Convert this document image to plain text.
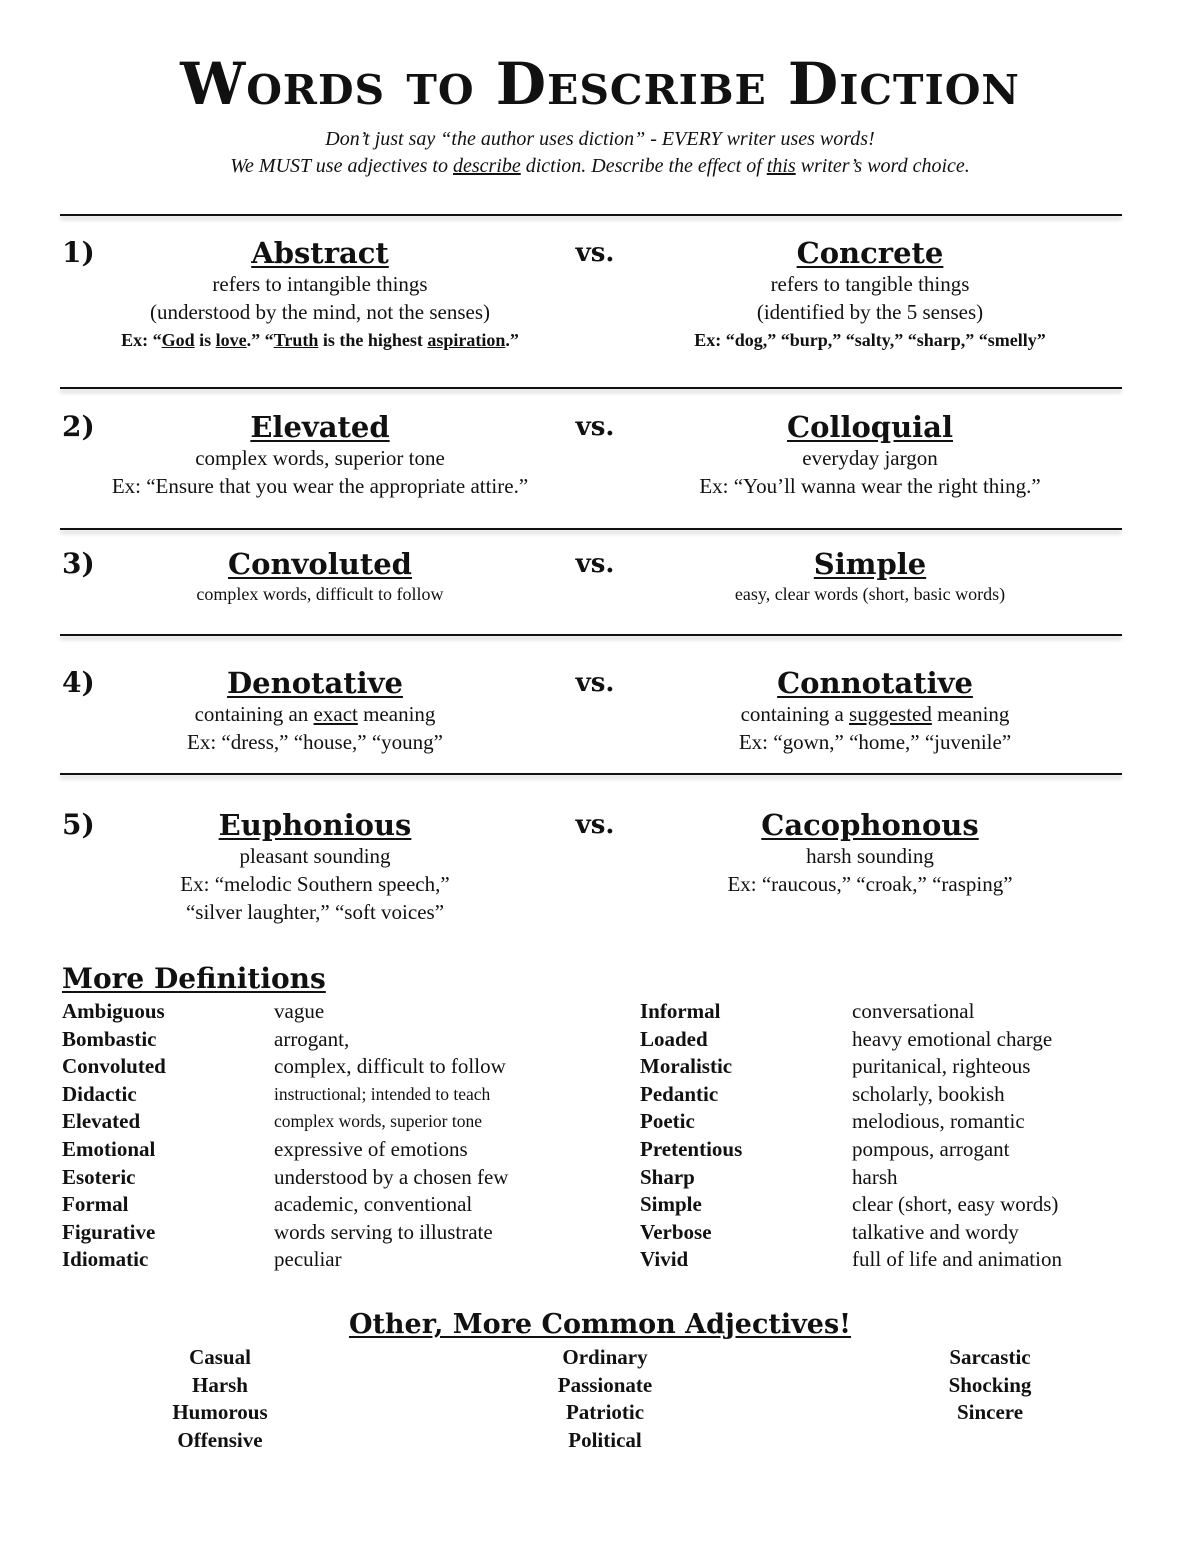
Words to Describe Diction
Don’t just say “the author uses diction” - EVERY writer uses words!
We MUST use adjectives to describe diction. Describe the effect of this writer’s word choice.
1)	vs.
Abstract
refers to intangible things
(understood by the mind, not the senses)
Ex: “God is love.” “Truth is the highest aspiration.”
Concrete
refers to tangible things
(identified by the 5 senses)
Ex: “dog,” “burp,” “salty,” “sharp,” “smelly”
2)	vs.
Elevated
complex words, superior tone
Ex: “Ensure that you wear the appropriate attire.”
Colloquial
everyday jargon
Ex: “You’ll wanna wear the right thing.”
3)	vs.
Convoluted
complex words, difficult to follow
Simple
easy, clear words (short, basic words)
4)	vs.
Denotative
containing an exact meaning
Ex: “dress,” “house,” “young”
Connotative
containing a suggested meaning
Ex: “gown,” “home,” “juvenile”
5)	vs.
Euphonious
pleasant sounding
Ex: “melodic Southern speech,”
“silver laughter,” “soft voices”
Cacophonous
harsh sounding
Ex: “raucous,” “croak,” “rasping”
More Definitions
Ambiguous	vague
Bombastic	arrogant,
Convoluted	complex, difficult to follow
Didactic	instructional; intended to teach
Elevated	complex words, superior tone
Emotional	expressive of emotions
Esoteric	understood by a chosen few
Formal	academic, conventional
Figurative	words serving to illustrate
Idiomatic	peculiar
Informal	conversational
Loaded	heavy emotional charge
Moralistic	puritanical, righteous
Pedantic	scholarly, bookish
Poetic	melodious, romantic
Pretentious	pompous, arrogant
Sharp	harsh
Simple	clear (short, easy words)
Verbose	talkative and wordy
Vivid	full of life and animation
Other, More Common Adjectives!
Casual
Harsh
Humorous
Offensive
Ordinary
Passionate
Patriotic
Political
Sarcastic
Shocking
Sincere
